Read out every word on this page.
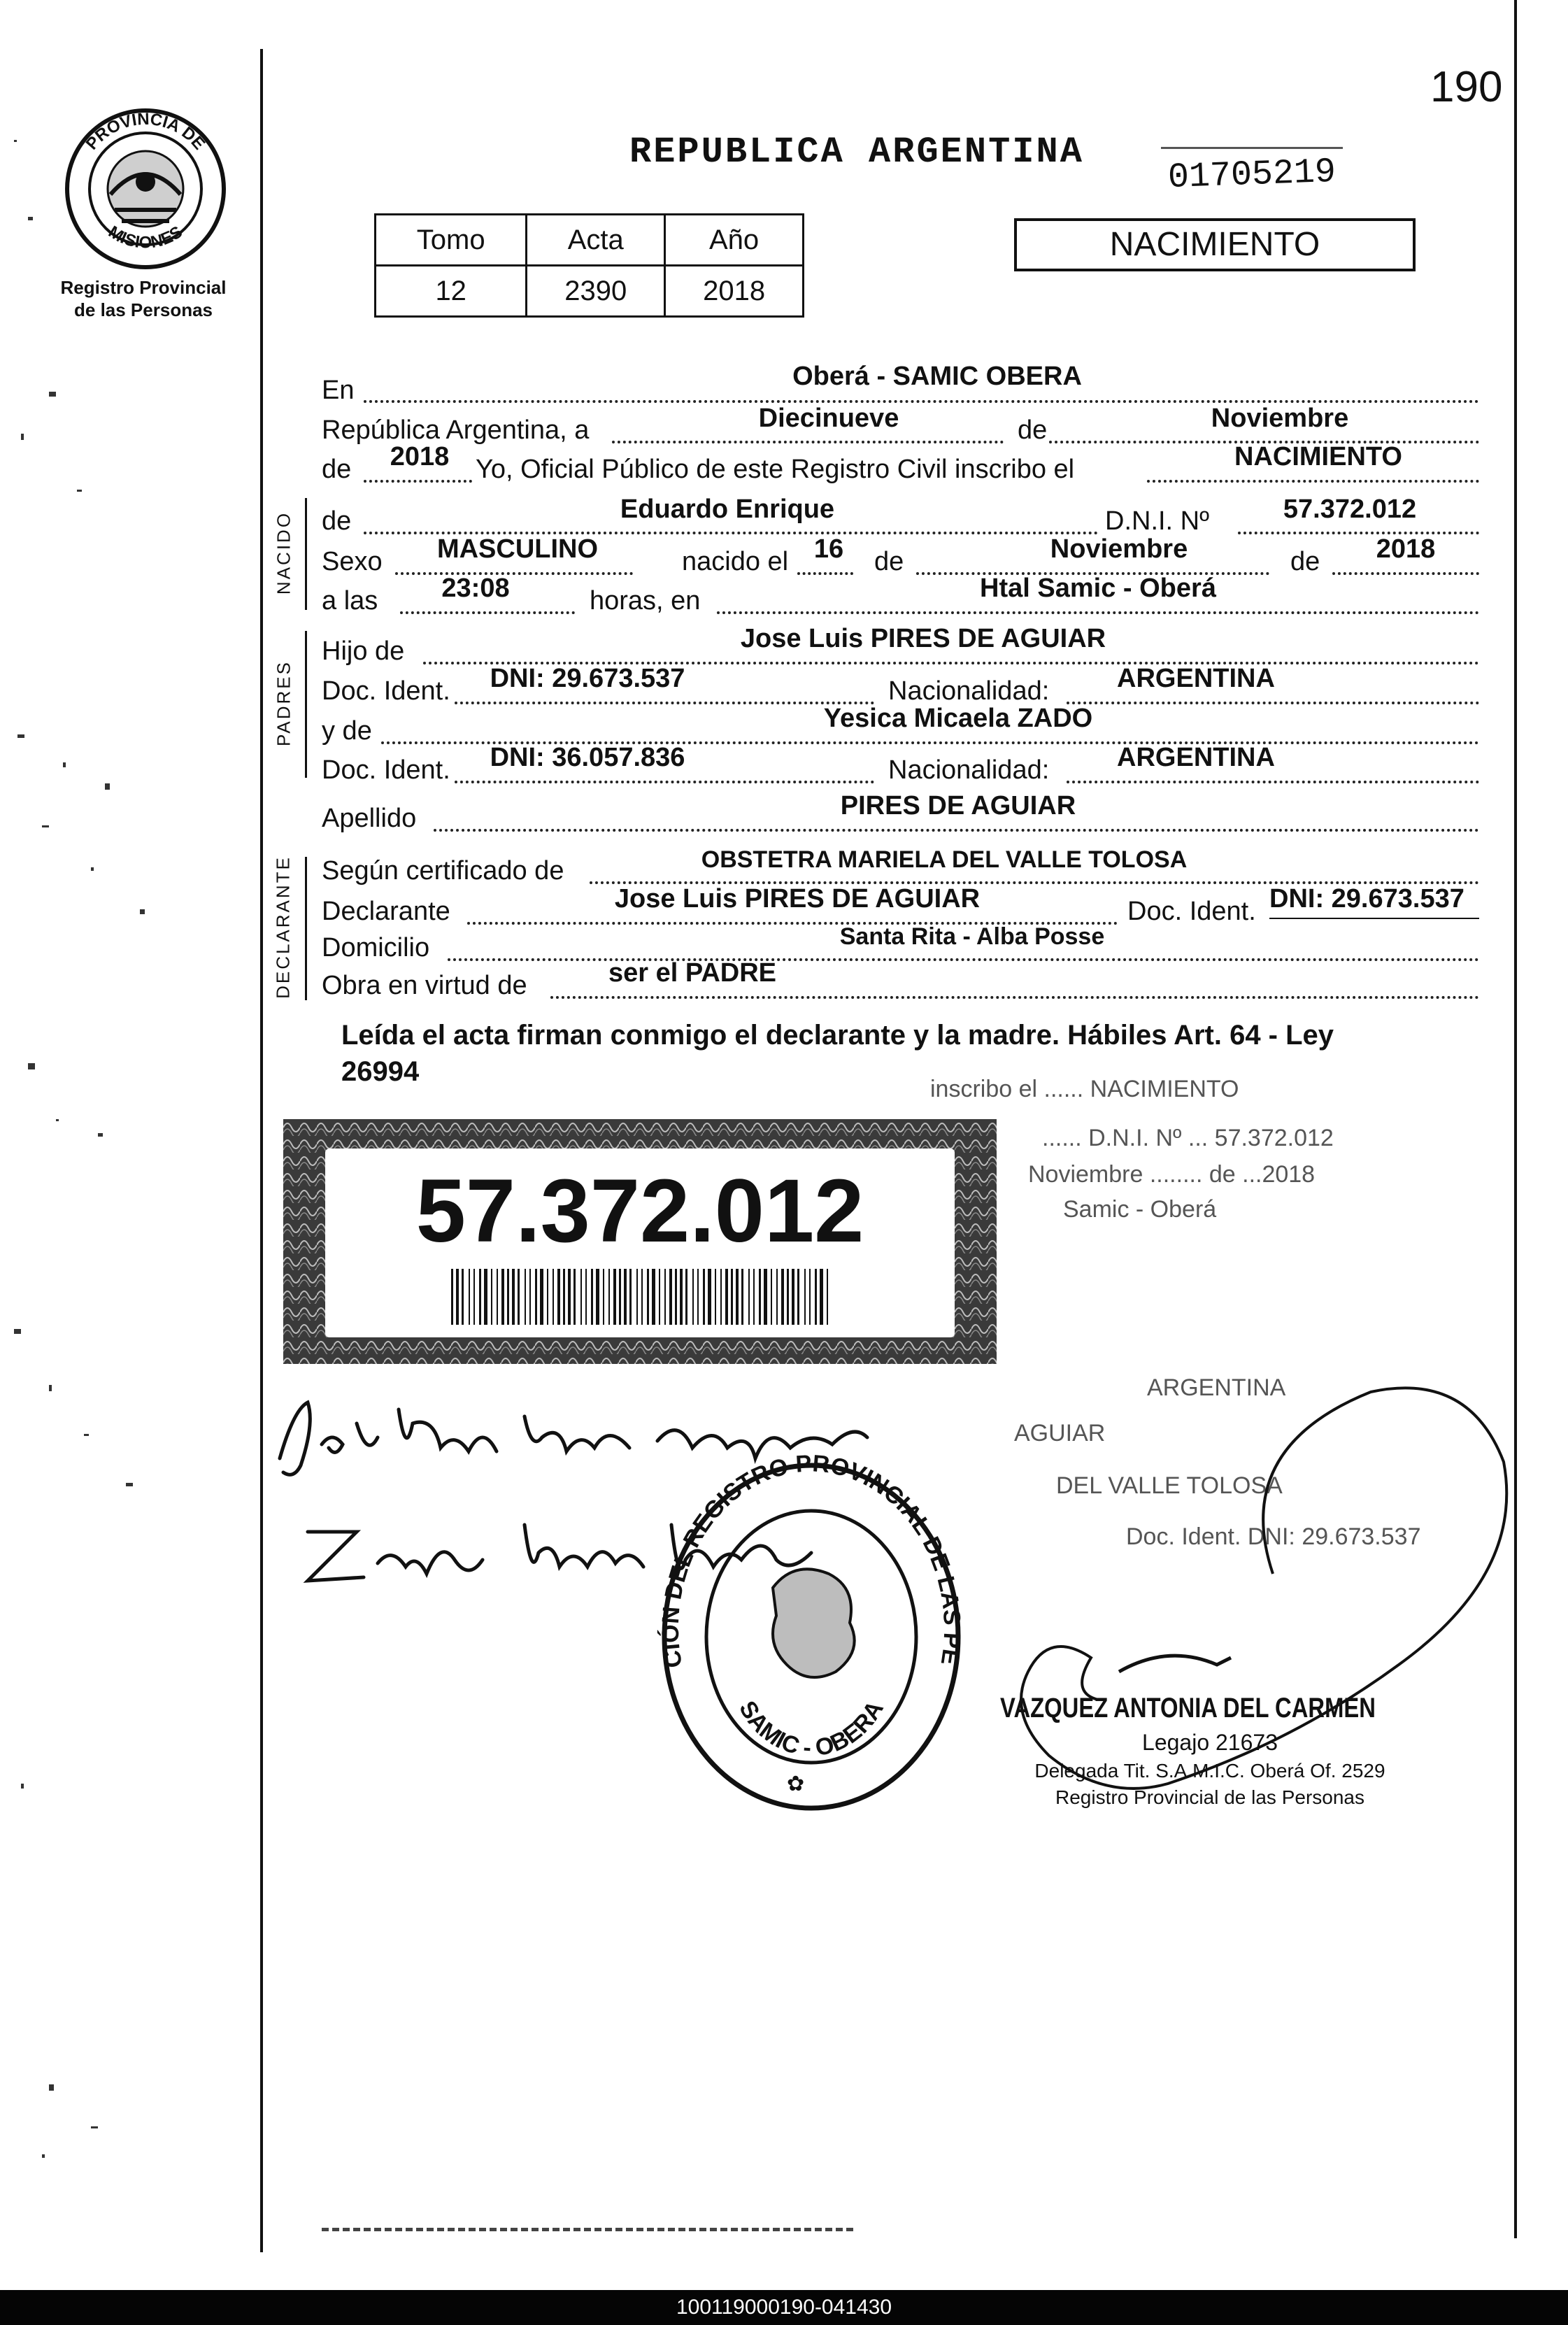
190
PROVINCIA DE
MISIONES
Registro Provincial
de las Personas
REPUBLICA ARGENTINA
01705219
Tomo	Acta	Año
12	2390	2018
NACIMIENTO
En	Oberá - SAMIC OBERA
República Argentina, a	Diecinueve	de	Noviembre
de	2018 Yo, Oficial Público de este Registro Civil inscribo el	NACIMIENTO
NACIDO de	Eduardo Enrique	D.N.I. Nº	57.372.012
Sexo	MASCULINO	nacido el 16	de	Noviembre	de	2018
a las	23:08	horas, en	Htal Samic - Oberá
PADRES
Hijo de	Jose Luis PIRES DE AGUIAR
Doc. Ident.	DNI: 29.673.537	Nacionalidad:	ARGENTINA
y de	Yesica Micaela ZADO
Doc. Ident.	DNI: 36.057.836	Nacionalidad:	ARGENTINA
Apellido	PIRES DE AGUIAR
DECLARANTE Según certificado de	OBSTETRA MARIELA DEL VALLE TOLOSA
Declarante	Jose Luis PIRES DE AGUIAR	Doc. Ident. DNI: 29.673.537
Domicilio	Santa Rita - Alba Posse
Obra en virtud de	ser el PADRE
Leída el acta firman conmigo el declarante y la madre. Hábiles Art. 64 - Ley
26994
57.372.012
inscribo el ...... NACIMIENTO
...... D.N.I. Nº ... 57.372.012
Noviembre ........ de ...2018
Samic - Oberá
ARGENTINA
AGUIAR
DEL VALLE TOLOSA
Doc. Ident. DNI: 29.673.537
CIÓN DEL REGISTRO PROVINCIAL DE LAS PE
SAMIC - OBERA
✿
VAZQUEZ ANTONIA DEL CARMEN
Legajo 21673
Delegada Tit. S.A.M.I.C. Oberá Of. 2529
Registro Provincial de las Personas
100119000190-041430
